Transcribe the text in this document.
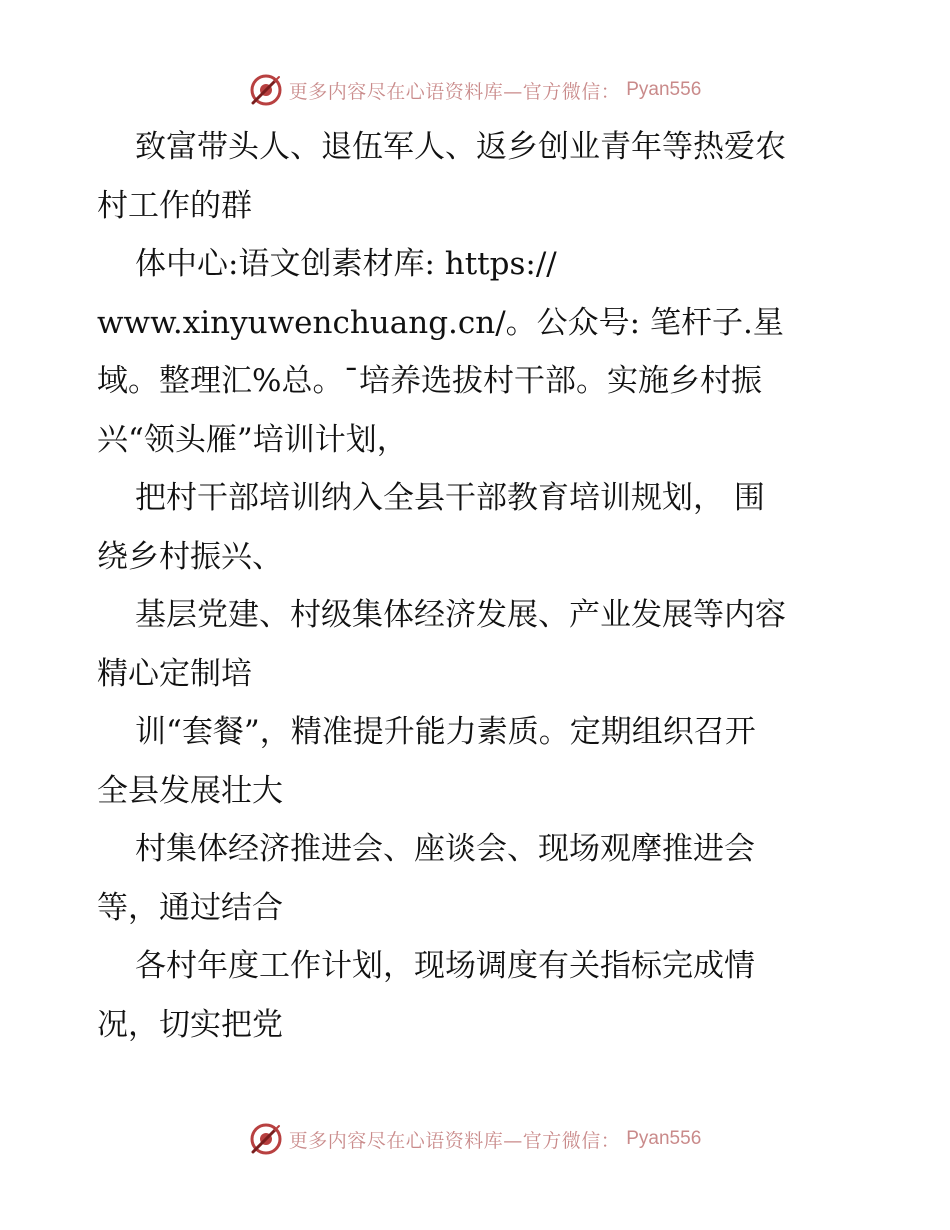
更多内容尽在心语资料库—官方微信： Pyan556
致富带头人、退伍军人、返乡创业青年等热爱农
村工作的群
体中心:语文创素材库: https://
www.xinyuwenchuang.cn/。公众号: 笔杆子.星
域。整理汇%总。¯培养选拔村干部。实施乡村振
兴“领头雁”培训计划，
把村干部培训纳入全县干部教育培训规划， 围
绕乡村振兴、
基层党建、村级集体经济发展、产业发展等内容
精心定制培
训“套餐”，精准提升能力素质。定期组织召开
全县发展壮大
村集体经济推进会、座谈会、现场观摩推进会
等，通过结合
各村年度工作计划，现场调度有关指标完成情
况，切实把党
更多内容尽在心语资料库—官方微信： Pyan556
